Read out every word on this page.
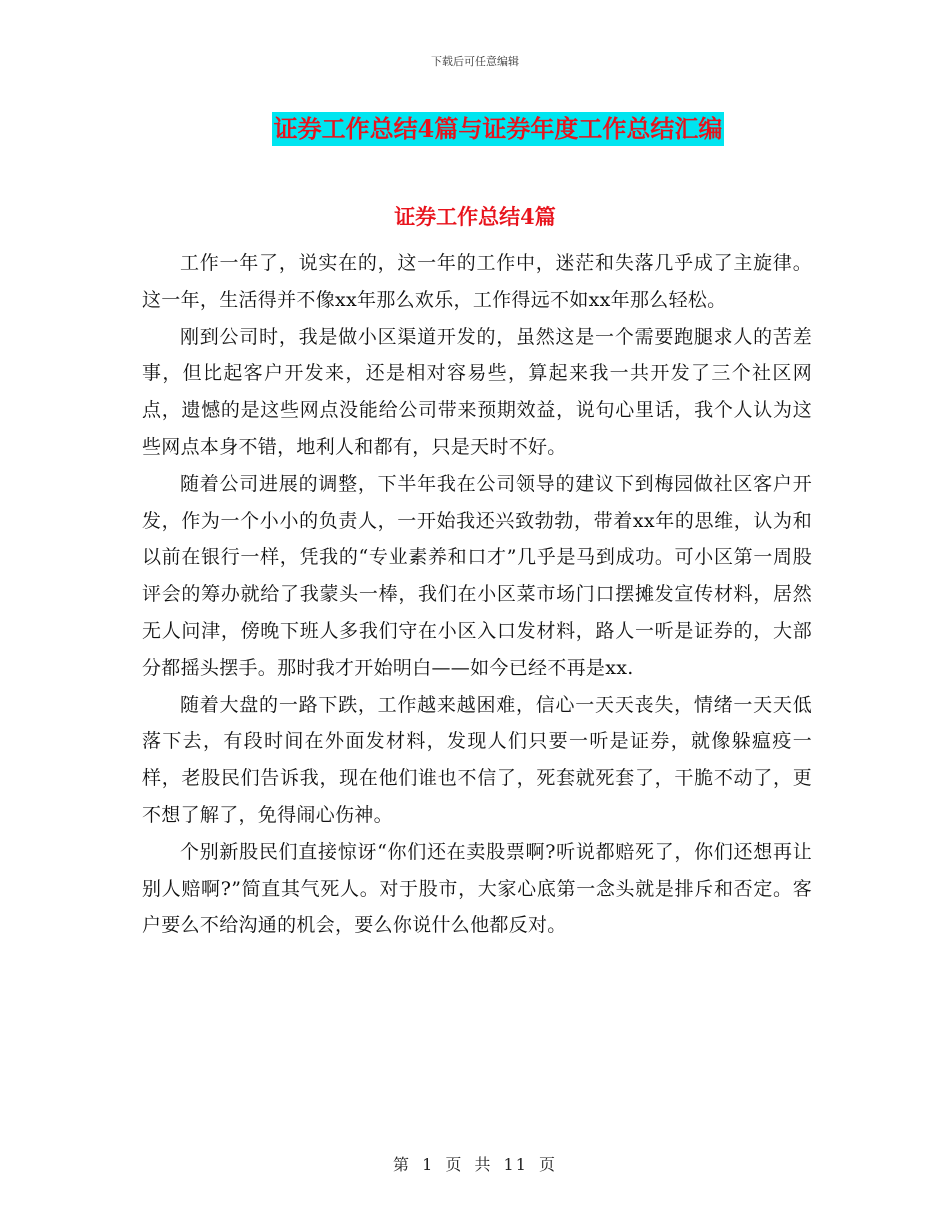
下载后可任意编辑
证券工作总结4篇与证券年度工作总结汇编
证券工作总结4篇

工作一年了，说实在的，这一年的工作中，迷茫和失落几乎成了主旋律。这一年，生活得并不像xx年那么欢乐，工作得远不如xx年那么轻松。

刚到公司时，我是做小区渠道开发的，虽然这是一个需要跑腿求人的苦差事，但比起客户开发来，还是相对容易些，算起来我一共开发了三个社区网点，遗憾的是这些网点没能给公司带来预期效益，说句心里话，我个人认为这些网点本身不错，地利人和都有，只是天时不好。

随着公司进展的调整，下半年我在公司领导的建议下到梅园做社区客户开发，作为一个小小的负责人，一开始我还兴致勃勃，带着xx年的思维，认为和以前在银行一样，凭我的“专业素养和口才”几乎是马到成功。可小区第一周股评会的筹办就给了我蒙头一棒，我们在小区菜市场门口摆摊发宣传材料，居然无人问津，傍晚下班人多我们守在小区入口发材料，路人一听是证券的，大部分都摇头摆手。那时我才开始明白——如今已经不再是xx.

随着大盘的一路下跌，工作越来越困难，信心一天天丧失，情绪一天天低落下去，有段时间在外面发材料，发现人们只要一听是证券，就像躲瘟疫一样，老股民们告诉我，现在他们谁也不信了，死套就死套了，干脆不动了，更不想了解了，免得闹心伤神。

个别新股民们直接惊讶“你们还在卖股票啊?听说都赔死了，你们还想再让别人赔啊?”简直其气死人。对于股市，大家心底第一念头就是排斥和否定。客户要么不给沟通的机会，要么你说什么他都反对。

第 1 页 共 11 页
